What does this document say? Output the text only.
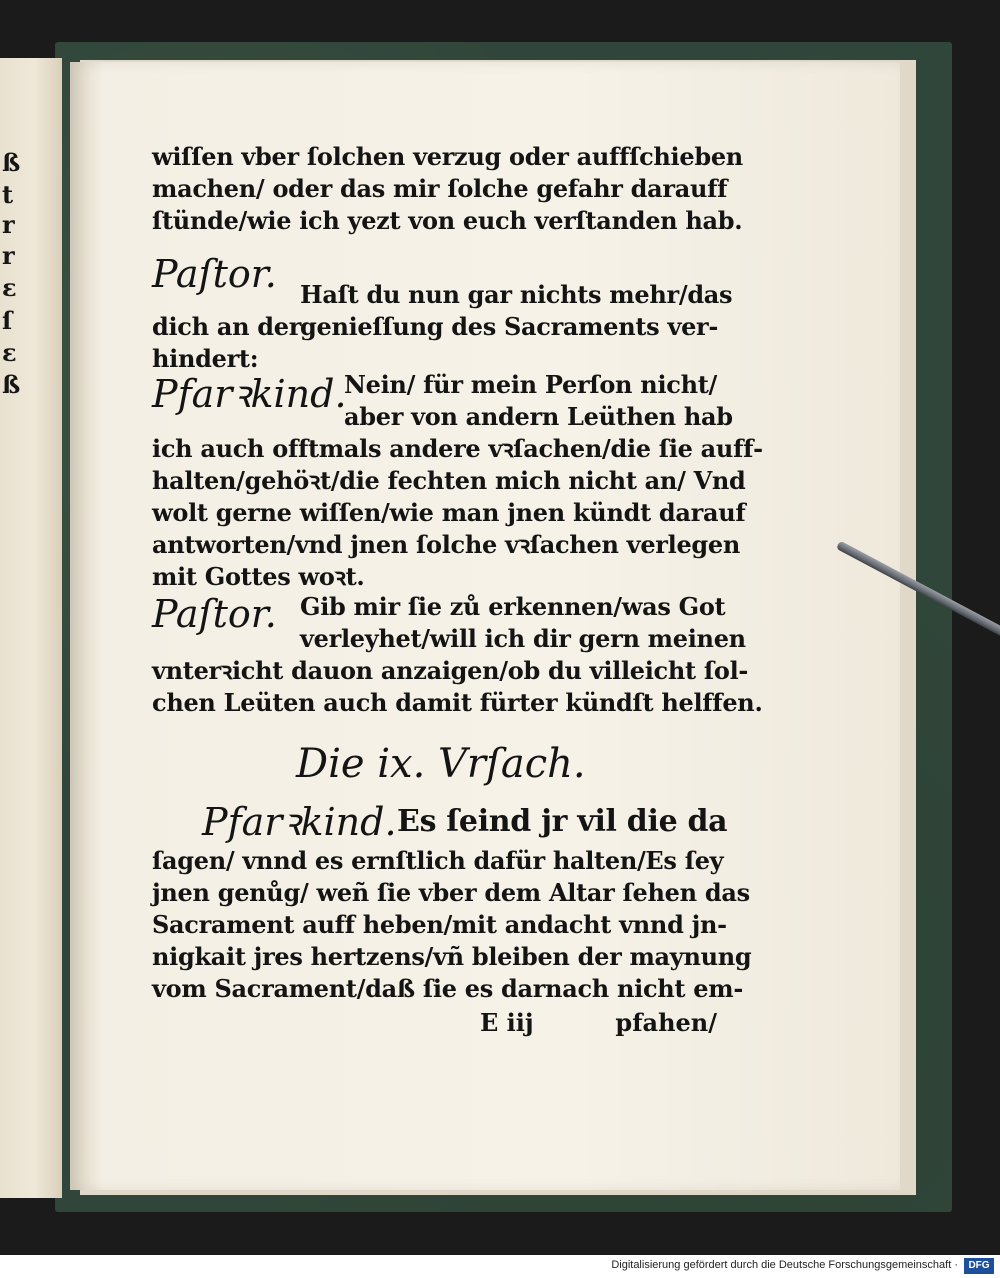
ß
t
r
r
ɛ
ſ
ɛ
ß
wiſſen vber ſolchen verzug oder auffſchieben
machen/ oder das mir ſolche gefahr darauff
ſtünde/wie ich yezt von euch verſtanden hab.
Paſtor. Haſt du nun gar nichts mehr/das
dich an der
genieſſung des Sacraments ver‑
hindert:
Pfarꝛkind.
Nein/ für mein Perſon nicht/
aber von andern Leüthen hab
ich auch offtmals andere vꝛſachen/die ſie auff‑
halten/gehöꝛt/die fechten mich nicht an/ Vnd
wolt gerne wiſſen/wie man jnen kündt darauf
antworten/vnd jnen ſolche vꝛſachen verlegen
mit Gottes woꝛt.
Paſtor. Gib mir ſie zů erkennen/was Got
verleyhet/will ich dir gern meinen
vnterꝛicht dauon anzaigen/ob du villeicht ſol‑
chen Leüten auch damit fürter kündſt helffen.
Die ix. Vrſach.
Pfarꝛkind. Es ſeind jr vil die da
ſagen/ vnnd es ernſtlich dafür halten/Es ſey
jnen genůg/ weñ ſie vber dem Altar ſehen das
Sacrament auff heben/mit andacht vnnd jn‑
nigkait jres hertzens/vñ bleiben der maynung
vom Sacrament/daß ſie es darnach nicht em‑
E iij	pfahen/
Digitalisierung gefördert durch die Deutsche Forschungsgemeinschaft ·	DFG
